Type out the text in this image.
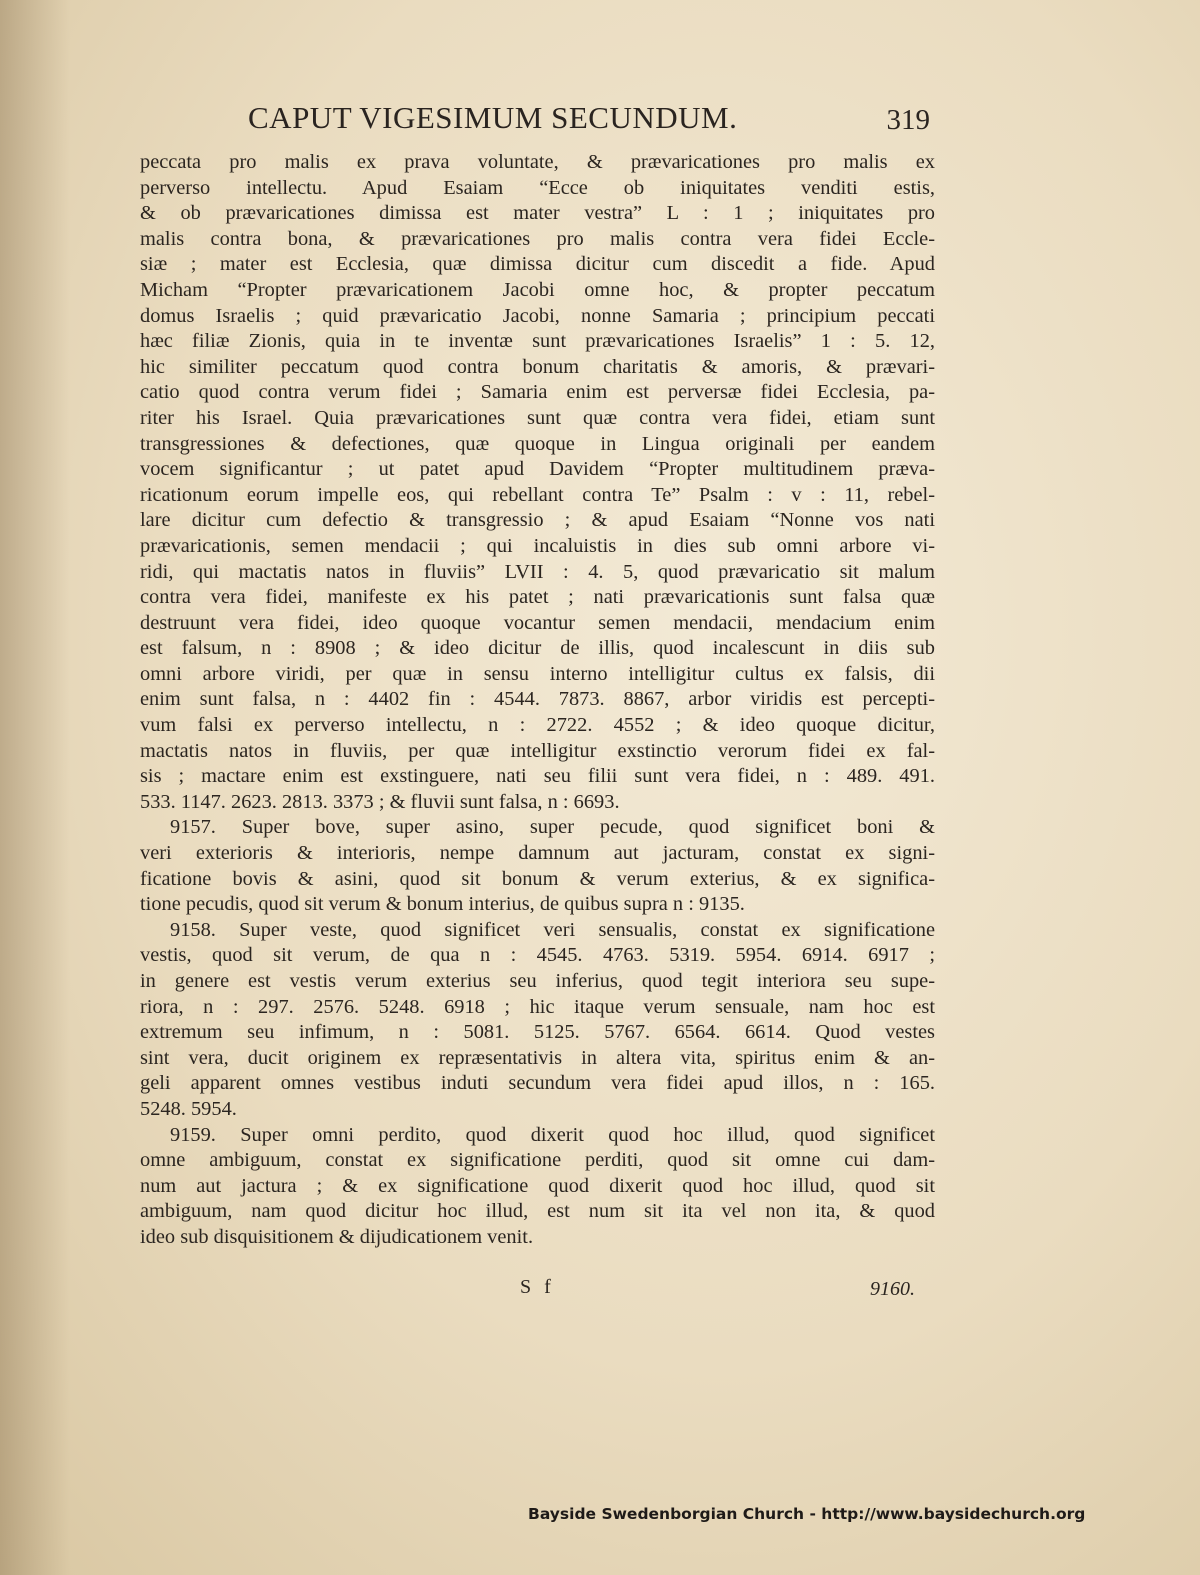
CAPUT VIGESIMUM SECUNDUM.	319
peccata pro malis ex prava voluntate, & prævaricationes pro malis ex
perverso intellectu. Apud Esaiam “Ecce ob iniquitates venditi estis,
& ob prævaricationes dimissa est mater vestra” L : 1 ; iniquitates pro
malis contra bona, & prævaricationes pro malis contra vera fidei Eccle-
siæ ; mater est Ecclesia, quæ dimissa dicitur cum discedit a fide. Apud
Micham “Propter prævaricationem Jacobi omne hoc, & propter peccatum
domus Israelis ; quid prævaricatio Jacobi, nonne Samaria ; principium peccati
hæc filiæ Zionis, quia in te inventæ sunt prævaricationes Israelis” 1 : 5. 12,
hic similiter peccatum quod contra bonum charitatis & amoris, & prævari-
catio quod contra verum fidei ; Samaria enim est perversæ fidei Ecclesia, pa-
riter his Israel. Quia prævaricationes sunt quæ contra vera fidei, etiam sunt
transgressiones & defectiones, quæ quoque in Lingua originali per eandem
vocem significantur ; ut patet apud Davidem “Propter multitudinem præva-
ricationum eorum impelle eos, qui rebellant contra Te” Psalm : v : 11, rebel-
lare dicitur cum defectio & transgressio ; & apud Esaiam “Nonne vos nati
prævaricationis, semen mendacii ; qui incaluistis in dies sub omni arbore vi-
ridi, qui mactatis natos in fluviis” LVII : 4. 5, quod prævaricatio sit malum
contra vera fidei, manifeste ex his patet ; nati prævaricationis sunt falsa quæ
destruunt vera fidei, ideo quoque vocantur semen mendacii, mendacium enim
est falsum, n : 8908 ; & ideo dicitur de illis, quod incalescunt in diis sub
omni arbore viridi, per quæ in sensu interno intelligitur cultus ex falsis, dii
enim sunt falsa, n : 4402 fin : 4544. 7873. 8867, arbor viridis est percepti-
vum falsi ex perverso intellectu, n : 2722. 4552 ; & ideo quoque dicitur,
mactatis natos in fluviis, per quæ intelligitur exstinctio verorum fidei ex fal-
sis ; mactare enim est exstinguere, nati seu filii sunt vera fidei, n : 489. 491.
533. 1147. 2623. 2813. 3373 ; & fluvii sunt falsa, n : 6693.
9157. Super bove, super asino, super pecude, quod significet boni &
veri exterioris & interioris, nempe damnum aut jacturam, constat ex signi-
ficatione bovis & asini, quod sit bonum & verum exterius, & ex significa-
tione pecudis, quod sit verum & bonum interius, de quibus supra n : 9135.
9158. Super veste, quod significet veri sensualis, constat ex significatione
vestis, quod sit verum, de qua n : 4545. 4763. 5319. 5954. 6914. 6917 ;
in genere est vestis verum exterius seu inferius, quod tegit interiora seu supe-
riora, n : 297. 2576. 5248. 6918 ; hic itaque verum sensuale, nam hoc est
extremum seu infimum, n : 5081. 5125. 5767. 6564. 6614. Quod vestes
sint vera, ducit originem ex repræsentativis in altera vita, spiritus enim & an-
geli apparent omnes vestibus induti secundum vera fidei apud illos, n : 165.
5248. 5954.
9159. Super omni perdito, quod dixerit quod hoc illud, quod significet
omne ambiguum, constat ex significatione perditi, quod sit omne cui dam-
num aut jactura ; & ex significatione quod dixerit quod hoc illud, quod sit
ambiguum, nam quod dicitur hoc illud, est num sit ita vel non ita, & quod
ideo sub disquisitionem & dijudicationem venit.
S f	9160.
Bayside Swedenborgian Church - http://www.baysidechurch.org
